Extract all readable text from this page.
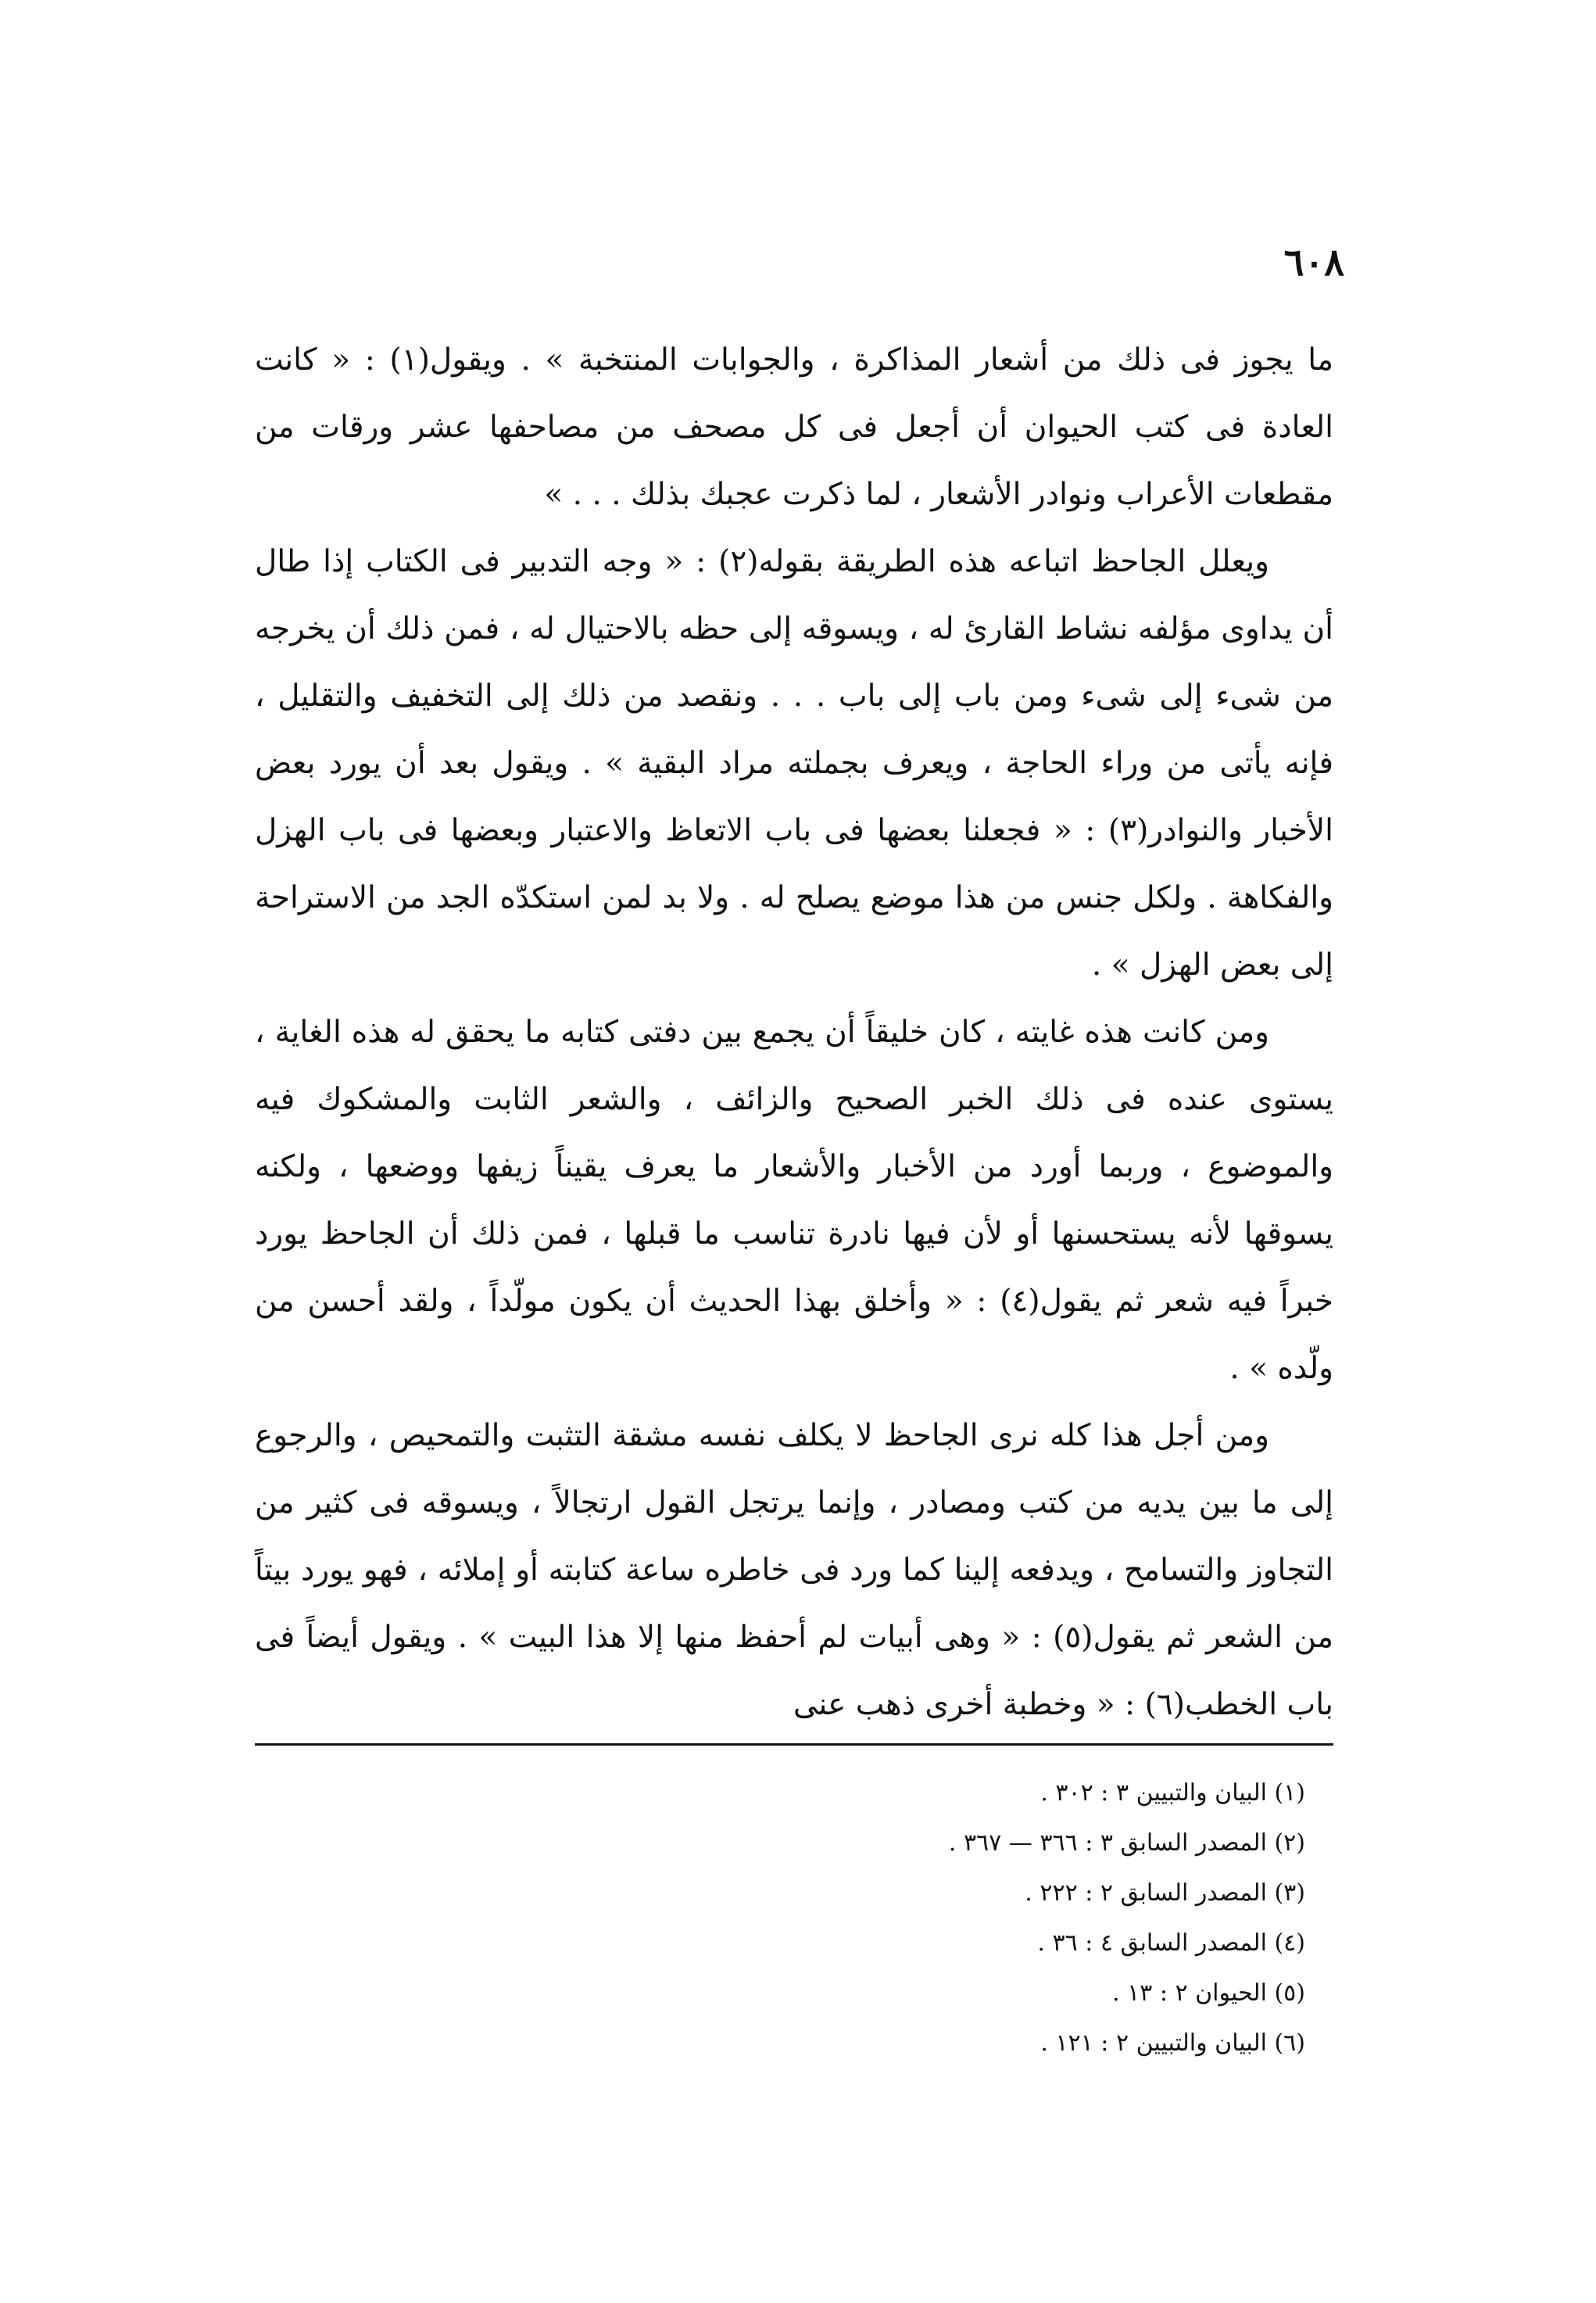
٦٠٨

ما يجوز فى ذلك من أشعار المذاكرة ، والجوابات المنتخبة » . ويقول(١) : « كانت العادة فى كتب الحيوان أن أجعل فى كل مصحف من مصاحفها عشر ورقات من مقطعات الأعراب ونوادر الأشعار ، لما ذكرت عجبك بذلك . . . »

ويعلل الجاحظ اتباعه هذه الطريقة بقوله(٢) : « وجه التدبير فى الكتاب إذا طال أن يداوى مؤلفه نشاط القارئ له ، ويسوقه إلى حظه بالاحتيال له ، فمن ذلك أن يخرجه من شىء إلى شىء ومن باب إلى باب . . . ونقصد من ذلك إلى التخفيف والتقليل ، فإنه يأتى من وراء الحاجة ، ويعرف بجملته مراد البقية » . ويقول بعد أن يورد بعض الأخبار والنوادر(٣) : « فجعلنا بعضها فى باب الاتعاظ والاعتبار وبعضها فى باب الهزل والفكاهة . ولكل جنس من هذا موضع يصلح له . ولا بد لمن استكدّه الجد من الاستراحة إلى بعض الهزل » .

ومن كانت هذه غايته ، كان خليقاً أن يجمع بين دفتى كتابه ما يحقق له هذه الغاية ، يستوى عنده فى ذلك الخبر الصحيح والزائف ، والشعر الثابت والمشكوك فيه والموضوع ، وربما أورد من الأخبار والأشعار ما يعرف يقيناً زيفها ووضعها ، ولكنه يسوقها لأنه يستحسنها أو لأن فيها نادرة تناسب ما قبلها ، فمن ذلك أن الجاحظ يورد خبراً فيه شعر ثم يقول(٤) : « وأخلق بهذا الحديث أن يكون مولّداً ، ولقد أحسن من ولّده » .

ومن أجل هذا كله نرى الجاحظ لا يكلف نفسه مشقة التثبت والتمحيص ، والرجوع إلى ما بين يديه من كتب ومصادر ، وإنما يرتجل القول ارتجالاً ، ويسوقه فى كثير من التجاوز والتسامح ، ويدفعه إلينا كما ورد فى خاطره ساعة كتابته أو إملائه ، فهو يورد بيتاً من الشعر ثم يقول(٥) : « وهى أبيات لم أحفظ منها إلا هذا البيت » . ويقول أيضاً فى باب الخطب(٦) : « وخطبة أخرى ذهب عنى

(١) البيان والتبيين ٣ : ٣٠٢ .
(٢) المصدر السابق ٣ : ٣٦٦ — ٣٦٧ .
(٣) المصدر السابق ٢ : ٢٢٢ .
(٤) المصدر السابق ٤ : ٣٦ .
(٥) الحيوان ٢ : ١٣ .
(٦) البيان والتبيين ٢ : ١٢١ .
